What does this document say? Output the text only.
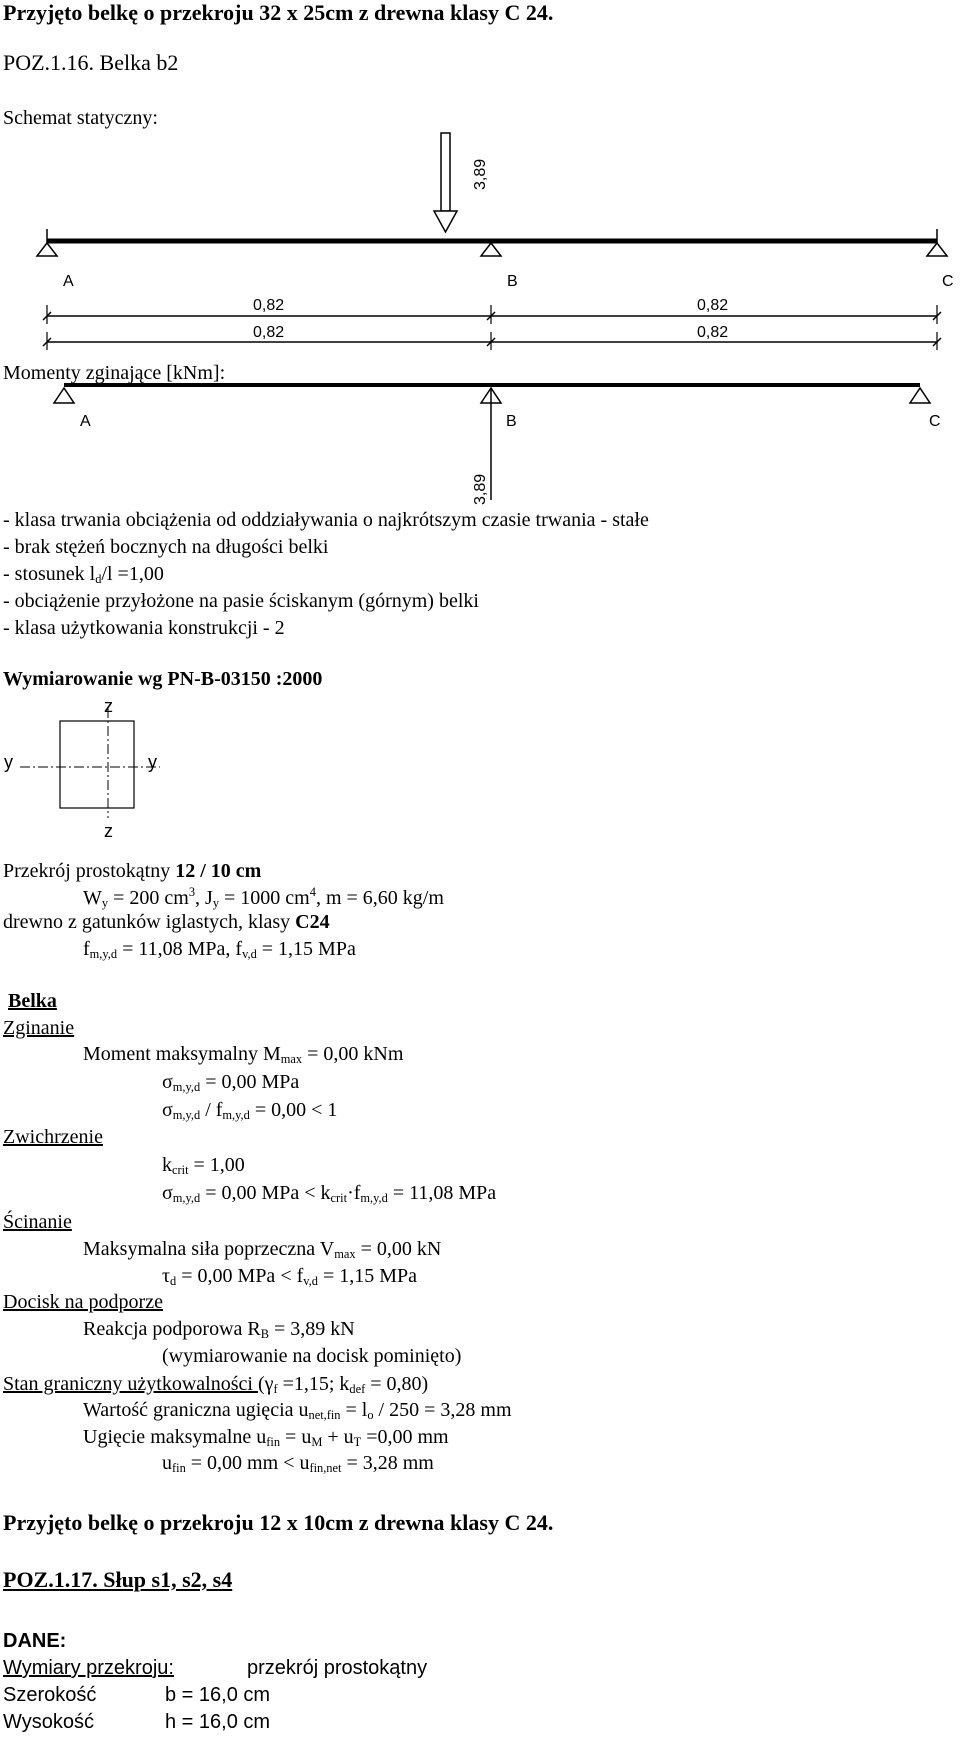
Przyjęto belkę o przekroju 32 x 25cm z drewna klasy C 24.
POZ.1.16. Belka b2
Schemat statyczny:
3,89
A	B	C
0,82	0,82
0,82	0,82
Momenty zginające [kNm]:
A	B	C
3,89
- klasa trwania obciążenia od oddziaływania o najkrótszym czasie trwania - stałe
- brak stężeń bocznych na długości belki
- stosunek $l_d/l =1,00$
- obciążenie przyłożone na pasie ściskanym (górnym) belki
- klasa użytkowania konstrukcji - 2
Wymiarowanie wg PN-B-03150 :2000
z
z
y	y
Przekrój prostokątny 12 / 10 cm
$W_y = 200$ $cm^3$, $J_y = 1000$ $cm^4$, m = 6,60 kg/m
drewno z gatunków iglastych, klasy C24
$f_{m,y,d} = 11,08$ MPa, $f_{v,d} = 1,15$ MPa
Belka
Zginanie
Moment maksymalny $M_{max} = 0,00$ kNm
$\sigma_{m,y,d} = 0,00$ MPa
$\sigma_{m,y,d} / f_{m,y,d} = 0,00 < 1$
Zwichrzenie
$k_{crit} = 1,00$
$\sigma_{m,y,d} = 0,00$ MPa < $k_{crit}\cdot f_{m,y,d} = 11,08$ MPa
Ścinanie
Maksymalna siła poprzeczna $V_{max} = 0,00$ kN
$\tau_d = 0,00$ MPa < $f_{v,d} = 1,15$ MPa
Docisk na podporze
Reakcja podporowa $R_B = 3,89$ kN
(wymiarowanie na docisk pominięto)
Stan graniczny użytkowalności ($\gamma_f =1,15$; $k_{def} = 0,80$)
Wartość graniczna ugięcia $u_{net,fin} = l_o / 250 = 3,28$ mm
Ugięcie maksymalne $u_{fin} = u_M + u_T =0,00$ mm
$u_{fin} = 0,00$ mm < $u_{fin,net} = 3,28$ mm
Przyjęto belkę o przekroju 12 x 10cm z drewna klasy C 24.
POZ.1.17. Słup s1, s2, s4
DANE:
Wymiary przekroju:	przekrój prostokątny
Szerokość	b = 16,0 cm
Wysokość	h = 16,0 cm
